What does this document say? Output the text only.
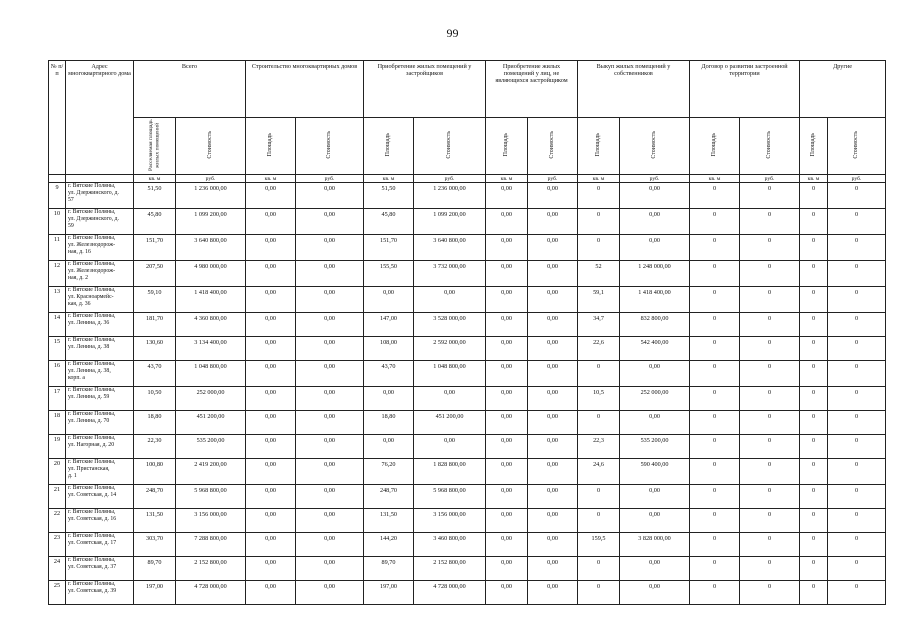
99
№ п/п	Адрес многоквартирного дома	Всего		Строительство многоквартирных домов		Приобретение жилых помещений у застройщиков		Приобретение жилых помещений у лиц, не являющихся застройщиком		Выкуп жилых помещений у собственников		Договор о развитии застроенной территории		Другие	
		Расселяемая площадь жилых помещений	Стоимость	Площадь	Стоимость	Площадь	Стоимость	Площадь	Стоимость	Площадь	Стоимость	Площадь	Стоимость	Площадь	Стоимость
		кв. м	руб.	кв. м	руб.	кв. м	руб.	кв. м	руб.	кв. м	руб.	кв. м	руб.	кв. м	руб.
9	г. Вятские Поляны,
ул. Дзержинского, д.
57	51,50	1 236 000,00	0,00	0,00	51,50	1 236 000,00	0,00	0,00	0	0,00	0	0	0	0
10	г. Вятские Поляны,
ул. Дзержинского, д.
59	45,80	1 099 200,00	0,00	0,00	45,80	1 099 200,00	0,00	0,00	0	0,00	0	0	0	0
11	г. Вятские Поляны,
ул. Железнодорож-
ная, д. 16	151,70	3 640 800,00	0,00	0,00	151,70	3 640 800,00	0,00	0,00	0	0,00	0	0	0	0
12	г. Вятские Поляны,
ул. Железнодорож-
ная, д. 2	207,50	4 980 000,00	0,00	0,00	155,50	3 732 000,00	0,00	0,00	52	1 248 000,00	0	0	0	0
13	г. Вятские Поляны,
ул. Красноармейс-
кая, д. 36	59,10	1 418 400,00	0,00	0,00	0,00	0,00	0,00	0,00	59,1	1 418 400,00	0	0	0	0
14	г. Вятские Поляны,
ул. Ленина, д. 36	181,70	4 360 800,00	0,00	0,00	147,00	3 528 000,00	0,00	0,00	34,7	832 800,00	0	0	0	0
15	г. Вятские Поляны,
ул. Ленина, д. 38	130,60	3 134 400,00	0,00	0,00	108,00	2 592 000,00	0,00	0,00	22,6	542 400,00	0	0	0	0
16	г. Вятские Поляны,
ул. Ленина, д. 38,
корп. а	43,70	1 048 800,00	0,00	0,00	43,70	1 048 800,00	0,00	0,00	0	0,00	0	0	0	0
17	г. Вятские Поляны,
ул. Ленина, д. 59	10,50	252 000,00	0,00	0,00	0,00	0,00	0,00	0,00	10,5	252 000,00	0	0	0	0
18	г. Вятские Поляны,
ул. Ленина, д. 70	18,80	451 200,00	0,00	0,00	18,80	451 200,00	0,00	0,00	0	0,00	0	0	0	0
19	г. Вятские Поляны,
ул. Нагорная, д. 20	22,30	535 200,00	0,00	0,00	0,00	0,00	0,00	0,00	22,3	535 200,00	0	0	0	0
20	г. Вятские Поляны,
ул. Пристанская,
д. 1	100,80	2 419 200,00	0,00	0,00	76,20	1 828 800,00	0,00	0,00	24,6	590 400,00	0	0	0	0
21	г. Вятские Поляны,
ул. Советская, д. 14	248,70	5 968 800,00	0,00	0,00	248,70	5 968 800,00	0,00	0,00	0	0,00	0	0	0	0
22	г. Вятские Поляны,
ул. Советская, д. 16	131,50	3 156 000,00	0,00	0,00	131,50	3 156 000,00	0,00	0,00	0	0,00	0	0	0	0
23	г. Вятские Поляны,
ул. Советская, д. 17	303,70	7 288 800,00	0,00	0,00	144,20	3 460 800,00	0,00	0,00	159,5	3 828 000,00	0	0	0	0
24	г. Вятские Поляны,
ул. Советская, д. 37	89,70	2 152 800,00	0,00	0,00	89,70	2 152 800,00	0,00	0,00	0	0,00	0	0	0	0
25	г. Вятские Поляны,
ул. Советская, д. 39	197,00	4 728 000,00	0,00	0,00	197,00	4 728 000,00	0,00	0,00	0	0,00	0	0	0	0
